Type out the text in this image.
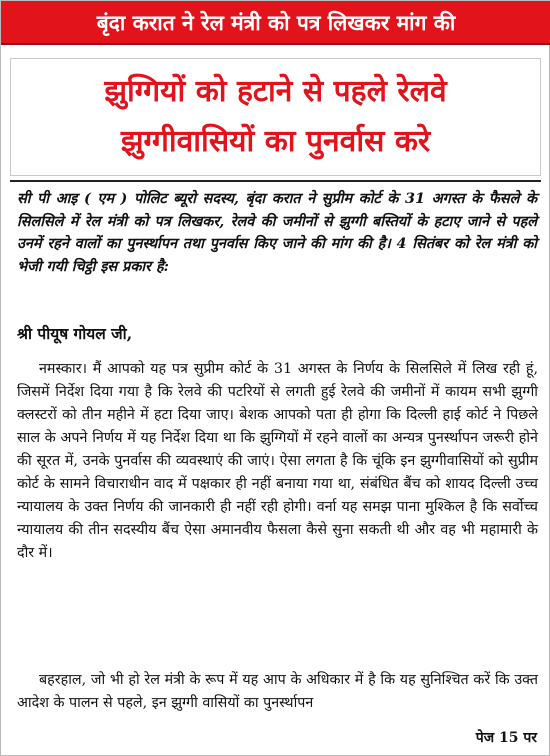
बृंदा करात ने रेल मंत्री को पत्र लिखकर मांग की

झुग्गियों को हटाने से पहले रेलवे
झुग्गीवासियों का पुनर्वास करे

सी पी आइ ( एम ) पोलिट ब्यूरो सदस्य, बृंदा करात ने सुप्रीम कोर्ट के 31 अगस्त के फैसले के सिलसिले में रेल मंत्री को पत्र लिखकर, रेलवे की जमीनों से झुग्गी बस्तियों के हटाए जाने से पहले उनमें रहने वालों का पुनर्स्थापन तथा पुनर्वास किए जाने की मांग की है। 4 सितंबर को रेल मंत्री को भेजी गयी चिट्ठी इस प्रकार है:

श्री पीयूष गोयल जी,

नमस्कार। मैं आपको यह पत्र सुप्रीम कोर्ट के 31 अगस्त के निर्णय के सिलसिले में लिख रही हूं, जिसमें निर्देश दिया गया है कि रेलवे की पटरियों से लगती हुई रेलवे की जमीनों में कायम सभी झुग्गी क्लस्टरों को तीन महीने में हटा दिया जाए। बेशक आपको पता ही होगा कि दिल्ली हाई कोर्ट ने पिछले साल के अपने निर्णय में यह निर्देश दिया था कि झुग्गियों में रहने वालों का अन्यत्र पुनर्स्थापन जरूरी होने की सूरत में, उनके पुनर्वास की व्यवस्थाएं की जाएं। ऐसा लगता है कि चूंकि इन झुग्गीवासियों को सुप्रीम कोर्ट के सामने विचाराधीन वाद में पक्षकार ही नहीं बनाया गया था, संबंधित बैंच को शायद दिल्ली उच्च न्यायालय के उक्त निर्णय की जानकारी ही नहीं रही होगी। वर्ना यह समझ पाना मुश्किल है कि सर्वोच्च न्यायालय की तीन सदस्यीय बैंच ऐसा अमानवीय फैसला कैसे सुना सकती थी और वह भी महामारी के दौर में।

बहरहाल, जो भी हो रेल मंत्री के रूप में यह आप के अधिकार में है कि यह सुनिश्चित करें कि उक्त आदेश के पालन से पहले, इन झुग्गी वासियों का पुनर्स्थापन

पेज 15 पर
